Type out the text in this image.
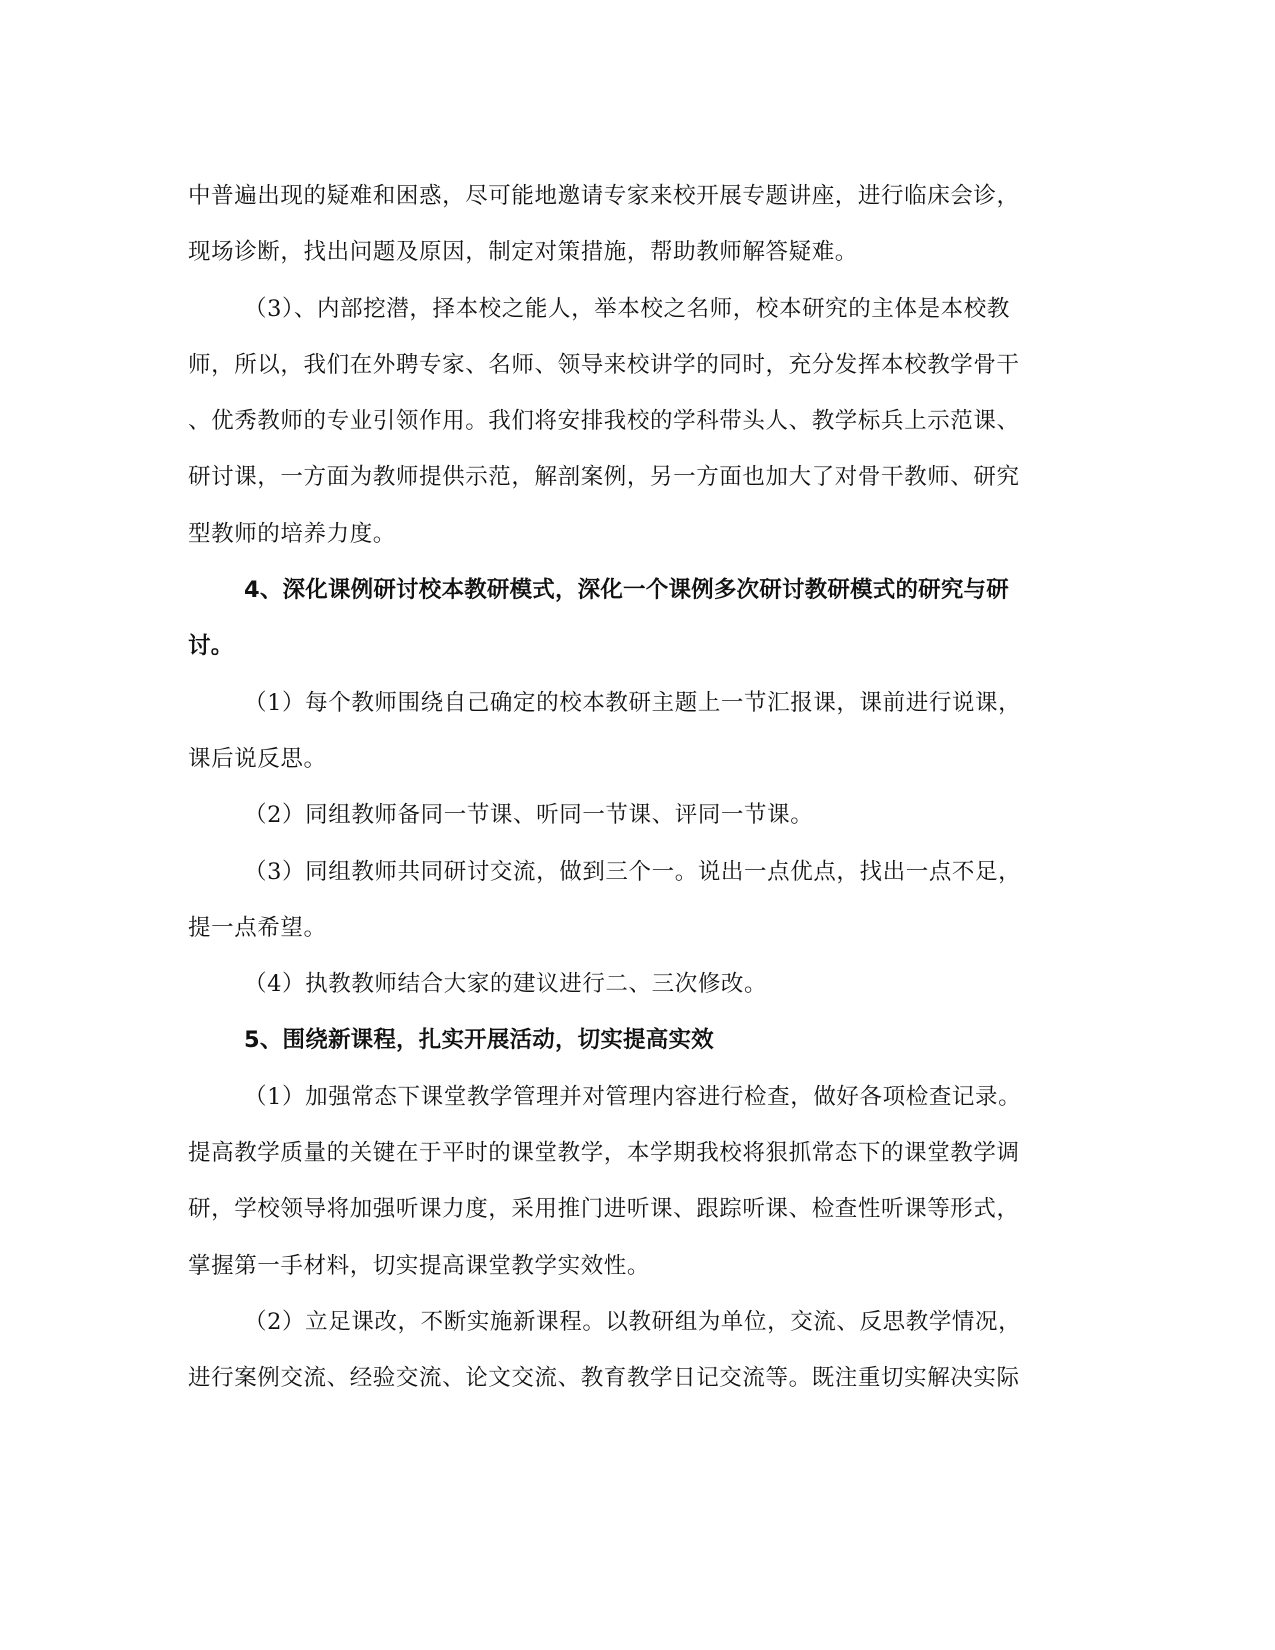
中普遍出现的疑难和困惑，尽可能地邀请专家来校开展专题讲座，进行临床会诊，
现场诊断，找出问题及原因，制定对策措施，帮助教师解答疑难。
（3）、内部挖潜，择本校之能人，举本校之名师，校本研究的主体是本校教
师，所以，我们在外聘专家、名师、领导来校讲学的同时，充分发挥本校教学骨干
、优秀教师的专业引领作用。我们将安排我校的学科带头人、教学标兵上示范课、
研讨课，一方面为教师提供示范，解剖案例，另一方面也加大了对骨干教师、研究
型教师的培养力度。
4、深化课例研讨校本教研模式，深化一个课例多次研讨教研模式的研究与研
讨。
（1）每个教师围绕自己确定的校本教研主题上一节汇报课，课前进行说课，
课后说反思。
（2）同组教师备同一节课、听同一节课、评同一节课。
（3）同组教师共同研讨交流，做到三个一。说出一点优点，找出一点不足，
提一点希望。
（4）执教教师结合大家的建议进行二、三次修改。
5、围绕新课程，扎实开展活动，切实提高实效
（1）加强常态下课堂教学管理并对管理内容进行检查，做好各项检查记录。
提高教学质量的关键在于平时的课堂教学，本学期我校将狠抓常态下的课堂教学调
研，学校领导将加强听课力度，采用推门进听课、跟踪听课、检查性听课等形式，
掌握第一手材料，切实提高课堂教学实效性。
（2）立足课改，不断实施新课程。以教研组为单位，交流、反思教学情况，
进行案例交流、经验交流、论文交流、教育教学日记交流等。既注重切实解决实际
